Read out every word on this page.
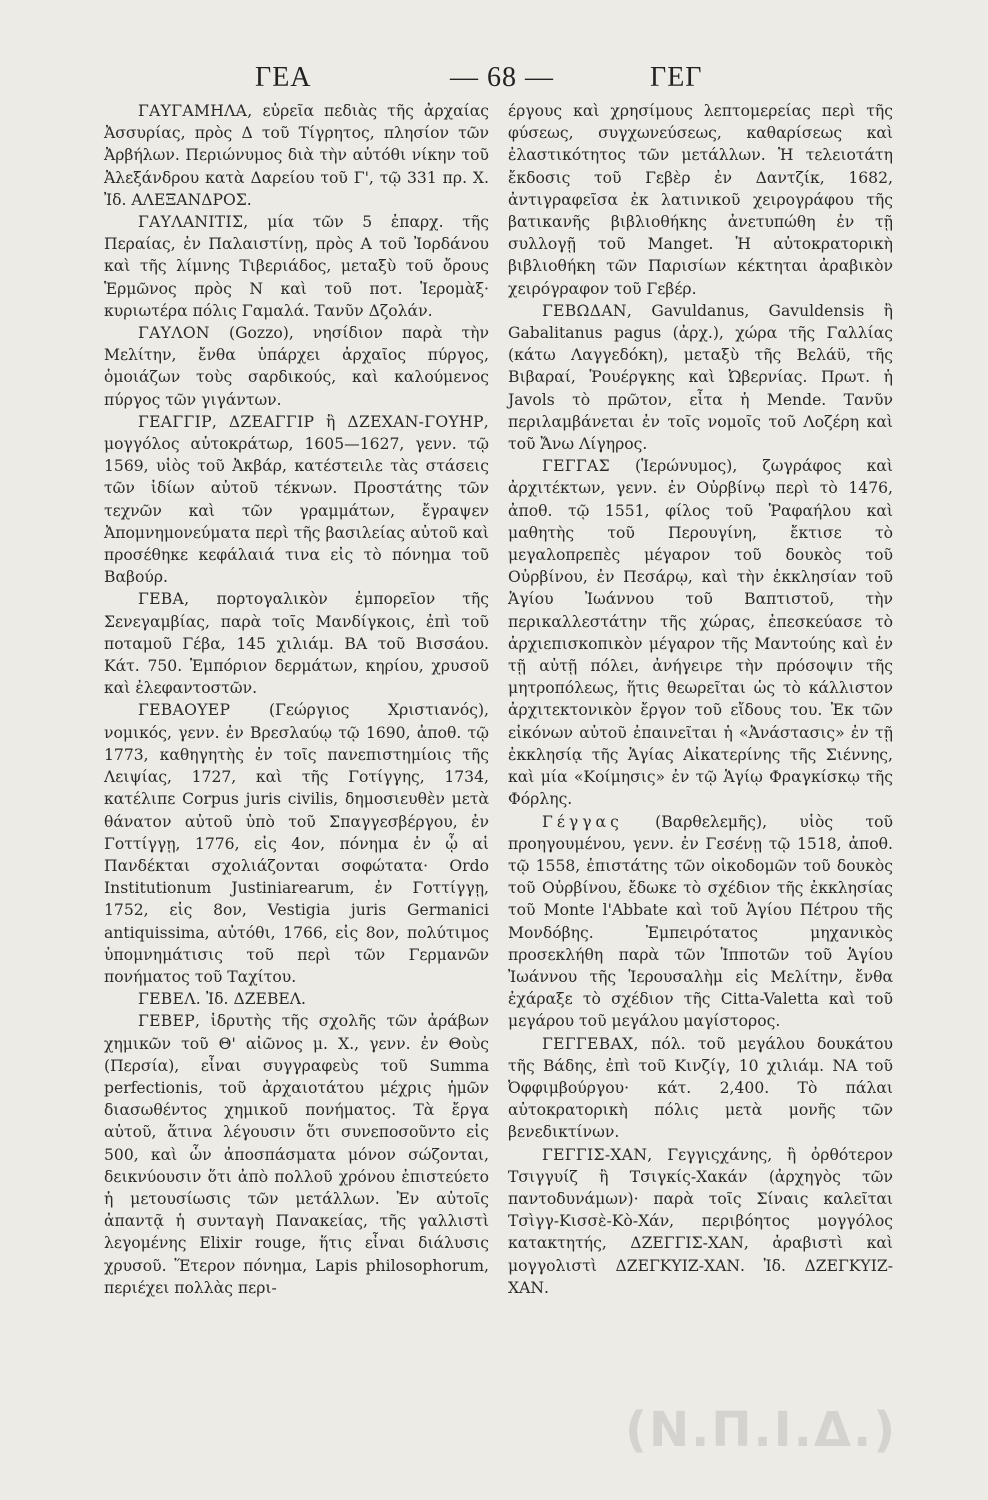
ΓΕΑ	— 68 —	ΓΕΓ

ΓΑΥΓΑΜΗΛΑ, εὐρεῖα πεδιὰς τῆς ἀρχαίας Ἀσσυρίας, πρὸς Δ τοῦ Τίγρητος, πλησίον τῶν Ἀρβήλων. Περιώνυμος διὰ τὴν αὐτόθι νίκην τοῦ Ἀλεξάνδρου κατὰ Δαρείου τοῦ Γ', τῷ 331 πρ. Χ. Ἰδ. ΑΛΕΞΑΝΔΡΟΣ.

ΓΑΥΛΑΝΙΤΙΣ, μία τῶν 5 ἐπαρχ. τῆς Περαίας, ἐν Παλαιστίνῃ, πρὸς Α τοῦ Ἰορδάνου καὶ τῆς λίμνης Τιβεριάδος, μεταξὺ τοῦ ὄρους Ἑρμῶνος πρὸς Ν καὶ τοῦ ποτ. Ἱερομὰξ· κυριωτέρα πόλις Γαμαλά. Τανῦν Δζολάν.

ΓΑΥΛΟΝ (Gozzo), νησίδιον παρὰ τὴν Μελίτην, ἔνθα ὑπάρχει ἀρχαῖος πύργος, ὁμοιάζων τοὺς σαρδικούς, καὶ καλούμενος πύργος τῶν γιγάντων.

ΓΕΑΓΓΙΡ, ΔΖΕΑΓΓΙΡ ἢ ΔΖΕΧΑΝ-ΓΟΥΗΡ, μογγόλος αὐτοκράτωρ, 1605—1627, γενν. τῷ 1569, υἱὸς τοῦ Ἀκβάρ, κατέστειλε τὰς στάσεις τῶν ἰδίων αὐτοῦ τέκνων. Προστάτης τῶν τεχνῶν καὶ τῶν γραμμάτων, ἔγραψεν Ἀπομνημονεύματα περὶ τῆς βασιλείας αὐτοῦ καὶ προσέθηκε κεφάλαιά τινα εἰς τὸ πόνημα τοῦ Βαβούρ.

ΓΕΒΑ, πορτογαλικὸν ἐμπορεῖον τῆς Σενεγαμβίας, παρὰ τοῖς Μανδίγκοις, ἐπὶ τοῦ ποταμοῦ Γέβα, 145 χιλιάμ. ΒΑ τοῦ Βισσάου. Κάτ. 750. Ἐμπόριον δερμάτων, κηρίου, χρυσοῦ καὶ ἐλεφαντοστῶν.

ΓΕΒΑΟΥΕΡ (Γεώργιος Χριστιανός), νομικός, γενν. ἐν Βρεσλαύῳ τῷ 1690, ἀποθ. τῷ 1773, καθηγητὴς ἐν τοῖς πανεπιστημίοις τῆς Λειψίας, 1727, καὶ τῆς Γοτίγγης, 1734, κατέλιπε Corpus juris civilis, δημοσιευθὲν μετὰ θάνατον αὐτοῦ ὑπὸ τοῦ Σπαγγεσβέργου, ἐν Γοττίγγῃ, 1776, εἰς 4ον, πόνημα ἐν ᾧ αἱ Πανδέκται σχολιάζονται σοφώτατα· Ordo Institutionum Justiniarearum, ἐν Γοττίγγῃ, 1752, εἰς 8ον, Vestigia juris Germanici antiquissima, αὐτόθι, 1766, εἰς 8ον, πολύτιμος ὑπομνημάτισις τοῦ περὶ τῶν Γερμανῶν πονήματος τοῦ Ταχίτου.

ΓΕΒΕΛ. Ἰδ. ΔΖΕΒΕΛ.

ΓΕΒΕΡ, ἱδρυτὴς τῆς σχολῆς τῶν ἀράβων χημικῶν τοῦ Θ' αἰῶνος μ. Χ., γενν. ἐν Θοὺς (Περσία), εἶναι συγγραφεὺς τοῦ Summa perfectionis, τοῦ ἀρχαιοτάτου μέχρις ἡμῶν διασωθέντος χημικοῦ πονήματος. Τὰ ἔργα αὐτοῦ, ἅτινα λέγουσιν ὅτι συνεποσοῦντο εἰς 500, καὶ ὧν ἀποσπάσματα μόνον σώζονται, δεικνύουσιν ὅτι ἀπὸ πολλοῦ χρόνου ἐπιστεύετο ἡ μετουσίωσις τῶν μετάλλων. Ἐν αὐτοῖς ἀπαντᾷ ἡ συνταγὴ Πανακείας, τῆς γαλλιστὶ λεγομένης Elixir rouge, ἥτις εἶναι διάλυσις χρυσοῦ. Ἕτερον πόνημα, Lapis philosophorum, περιέχει πολλὰς περι-

έργους καὶ χρησίμους λεπτομερείας περὶ τῆς φύσεως, συγχωνεύσεως, καθαρίσεως καὶ ἐλαστικότητος τῶν μετάλλων. Ἡ τελειοτάτη ἔκδοσις τοῦ Γεβὲρ ἐν Δαντζίκ, 1682, ἀντιγραφεῖσα ἐκ λατινικοῦ χειρογράφου τῆς βατικανῆς βιβλιοθήκης ἀνετυπώθη ἐν τῇ συλλογῇ τοῦ Manget. Ἡ αὐτοκρατορικὴ βιβλιοθήκη τῶν Παρισίων κέκτηται ἀραβικὸν χειρόγραφον τοῦ Γεβέρ.

ΓΕΒΩΔΑΝ, Gavuldanus, Gavuldensis ἢ Gabalitanus pagus (ἀρχ.), χώρα τῆς Γαλλίας (κάτω Λαγγεδόκη), μεταξὺ τῆς Βελάϋ, τῆς Βιβαραί, Ῥουέργκης καὶ Ὠβερνίας. Πρωτ. ἡ Javols τὸ πρῶτον, εἶτα ἡ Mende. Τανῦν περιλαμβάνεται ἐν τοῖς νομοῖς τοῦ Λοζέρη καὶ τοῦ Ἄνω Λίγηρος.

ΓΕΓΓΑΣ (Ἱερώνυμος), ζωγράφος καὶ ἀρχιτέκτων, γενν. ἐν Οὐρβίνῳ περὶ τὸ 1476, ἀποθ. τῷ 1551, φίλος τοῦ Ῥαφαήλου καὶ μαθητὴς τοῦ Περουγίνη, ἔκτισε τὸ μεγαλοπρεπὲς μέγαρον τοῦ δουκὸς τοῦ Οὐρβίνου, ἐν Πεσάρῳ, καὶ τὴν ἐκκλησίαν τοῦ Ἁγίου Ἰωάννου τοῦ Βαπτιστοῦ, τὴν περικαλλεστάτην τῆς χώρας, ἐπεσκεύασε τὸ ἀρχιεπισκοπικὸν μέγαρον τῆς Μαντούης καὶ ἐν τῇ αὐτῇ πόλει, ἀνήγειρε τὴν πρόσοψιν τῆς μητροπόλεως, ἥτις θεωρεῖται ὡς τὸ κάλλιστον ἀρχιτεκτονικὸν ἔργον τοῦ εἴδους του. Ἐκ τῶν εἰκόνων αὐτοῦ ἐπαινεῖται ἡ «Ἀνάστασις» ἐν τῇ ἐκκλησίᾳ τῆς Ἁγίας Αἰκατερίνης τῆς Σιέννης, καὶ μία «Κοίμησις» ἐν τῷ Ἁγίῳ Φραγκίσκῳ τῆς Φόρλης.

Γέγγας (Βαρθελεμῆς), υἱὸς τοῦ προηγουμένου, γενν. ἐν Γεσένῃ τῷ 1518, ἀποθ. τῷ 1558, ἐπιστάτης τῶν οἰκοδομῶν τοῦ δουκὸς τοῦ Οὐρβίνου, ἔδωκε τὸ σχέδιον τῆς ἐκκλησίας τοῦ Monte l'Abbate καὶ τοῦ Ἁγίου Πέτρου τῆς Μονδόβης. Ἐμπειρότατος μηχανικὸς προσεκλήθη παρὰ τῶν Ἱπποτῶν τοῦ Ἁγίου Ἰωάννου τῆς Ἱερουσαλὴμ εἰς Μελίτην, ἔνθα ἐχάραξε τὸ σχέδιον τῆς Citta-Valetta καὶ τοῦ μεγάρου τοῦ μεγάλου μαγίστορος.

ΓΕΓΓΕΒΑΧ, πόλ. τοῦ μεγάλου δουκάτου τῆς Βάδης, ἐπὶ τοῦ Κινζίγ, 10 χιλιάμ. ΝΑ τοῦ Ὀφφιμβούργου· κάτ. 2,400. Τὸ πάλαι αὐτοκρατορικὴ πόλις μετὰ μονῆς τῶν βενεδικτίνων.

ΓΕΓΓΙΣ-ΧΑΝ, Γεγγιςχάνης, ἢ ὀρθότερον Τσιγγυίζ ἢ Τσιγκίς-Χακάν (ἀρχηγὸς τῶν παντοδυνάμων)· παρὰ τοῖς Σίναις καλεῖται Τσὶγγ-Κισσὲ-Κὸ-Χάν, περιβόητος μογγόλος κατακτητής, ΔΖΕΓΓΙΣ-ΧΑΝ, ἀραβιστὶ καὶ μογγολιστὶ ΔΖΕΓΚΥΙΖ-ΧΑΝ. Ἰδ. ΔΖΕΓΚΥΙΖ-ΧΑΝ.

(Ν.Π.Ι.Δ.)
